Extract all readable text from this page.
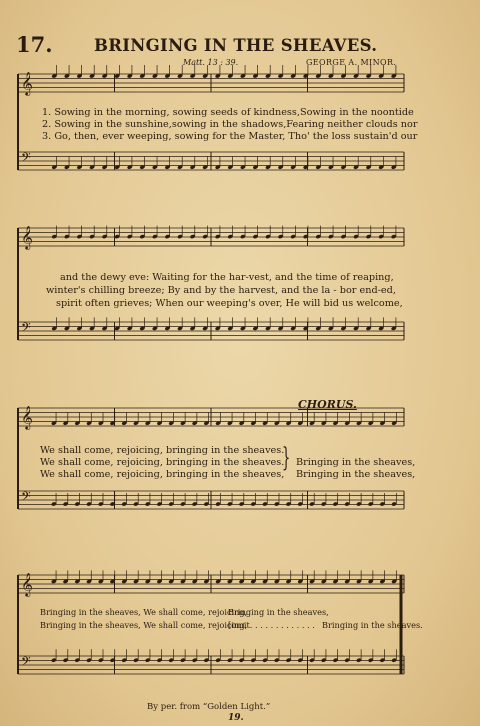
17.	BRINGING IN THE SHEAVES.
Matt. 13 : 39.	GEORGE A. MINOR.
𝄞
𝄢
𝄞
𝄢
𝄞
𝄢
𝄞
𝄢
1. Sowing in the morning, sowing seeds of kindness,Sowing in the noontide
2. Sowing in the sunshine,sowing in the shadows,Fearing neither clouds nor
3. Go, then, ever weeping, sowing for the Master, Tho' the loss sustain'd our
and the dewy eve: Waiting for the har-vest, and the time of reaping,
winter's chilling breeze; By and by the harvest, and the la - bor end-ed,
spirit often grieves; When our weeping's over, He will bid us welcome,
CHORUS.
We shall come, rejoicing, bringing in the sheaves.
We shall come, rejoicing, bringing in the sheaves.
We shall come, rejoicing, bringing in the sheaves,
} Bringing in the sheaves,
Bringing in the sheaves,
Bringing in the sheaves, We shall come, rejoicing,
Bringing in the sheaves,
Bringing in the sheaves, We shall come, rejoicing,
[omit. . . . . . . . . . . . . Bringing in the sheaves.
By per. from “Golden Light.”
19.
